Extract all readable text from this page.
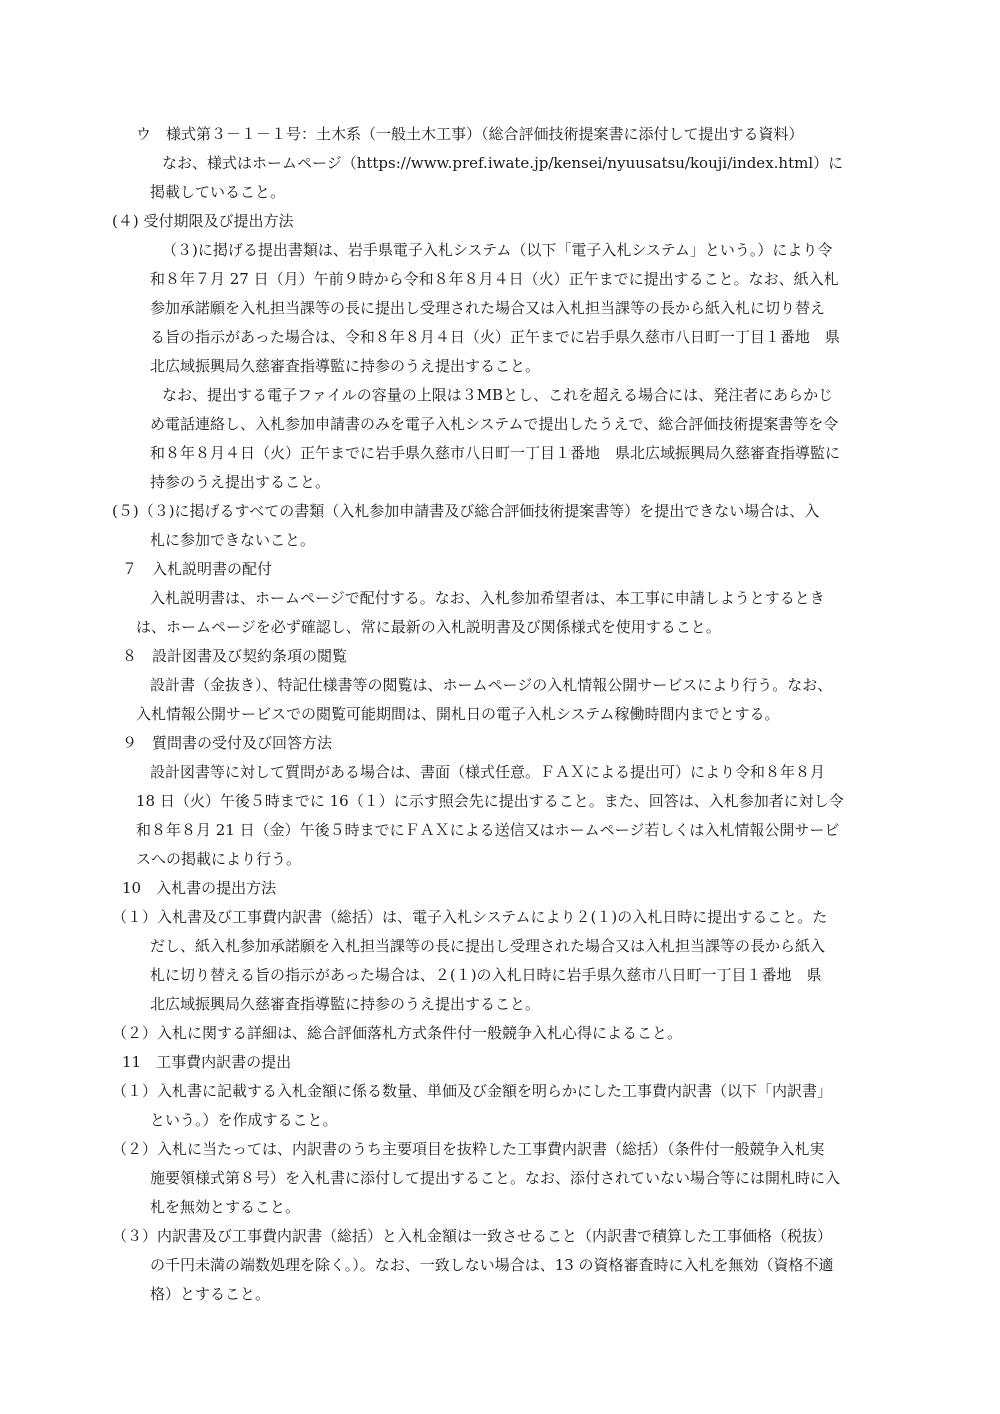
ウ　様式第３－１－１号：土木系（一般土木工事）（総合評価技術提案書に添付して提出する資料）
なお、様式はホームページ（https://www.pref.iwate.jp/kensei/nyuusatsu/kouji/index.html）に
掲載していること。
(４) 受付期限及び提出方法
（３)に掲げる提出書類は、岩手県電子入札システム（以下「電子入札システム」という。）により令
和８年７月 27 日（月）午前９時から令和８年８月４日（火）正午までに提出すること。なお、紙入札
参加承諾願を入札担当課等の長に提出し受理された場合又は入札担当課等の長から紙入札に切り替え
る旨の指示があった場合は、令和８年８月４日（火）正午までに岩手県久慈市八日町一丁目１番地　県
北広域振興局久慈審査指導監に持参のうえ提出すること。
なお、提出する電子ファイルの容量の上限は３MBとし、これを超える場合には、発注者にあらかじ
め電話連絡し、入札参加申請書のみを電子入札システムで提出したうえで、総合評価技術提案書等を令
和８年８月４日（火）正午までに岩手県久慈市八日町一丁目１番地　県北広域振興局久慈審査指導監に
持参のうえ提出すること。
(５)（３)に掲げるすべての書類（入札参加申請書及び総合評価技術提案書等）を提出できない場合は、入
札に参加できないこと。
７　入札説明書の配付
入札説明書は、ホームページで配付する。なお、入札参加希望者は、本工事に申請しようとするとき
は、ホームページを必ず確認し、常に最新の入札説明書及び関係様式を使用すること。
８　設計図書及び契約条項の閲覧
設計書（金抜き）、特記仕様書等の閲覧は、ホームページの入札情報公開サービスにより行う。なお、
入札情報公開サービスでの閲覧可能期間は、開札日の電子入札システム稼働時間内までとする。
９　質問書の受付及び回答方法
設計図書等に対して質問がある場合は、書面（様式任意。ＦＡＸによる提出可）により令和８年８月
18 日（火）午後５時までに 16（１）に示す照会先に提出すること。また、回答は、入札参加者に対し令
和８年８月 21 日（金）午後５時までにＦＡＸによる送信又はホームページ若しくは入札情報公開サービ
スへの掲載により行う。
10　入札書の提出方法
（１）入札書及び工事費内訳書（総括）は、電子入札システムにより２(１)の入札日時に提出すること。た
だし、紙入札参加承諾願を入札担当課等の長に提出し受理された場合又は入札担当課等の長から紙入
札に切り替える旨の指示があった場合は、２(１)の入札日時に岩手県久慈市八日町一丁目１番地　県
北広域振興局久慈審査指導監に持参のうえ提出すること。
（２）入札に関する詳細は、総合評価落札方式条件付一般競争入札心得によること。
11　工事費内訳書の提出
（１）入札書に記載する入札金額に係る数量、単価及び金額を明らかにした工事費内訳書（以下「内訳書」
という。）を作成すること。
（２）入札に当たっては、内訳書のうち主要項目を抜粋した工事費内訳書（総括）（条件付一般競争入札実
施要領様式第８号）を入札書に添付して提出すること。なお、添付されていない場合等には開札時に入
札を無効とすること。
（３）内訳書及び工事費内訳書（総括）と入札金額は一致させること（内訳書で積算した工事価格（税抜）
の千円未満の端数処理を除く。）。なお、一致しない場合は、13 の資格審査時に入札を無効（資格不適
格）とすること。
